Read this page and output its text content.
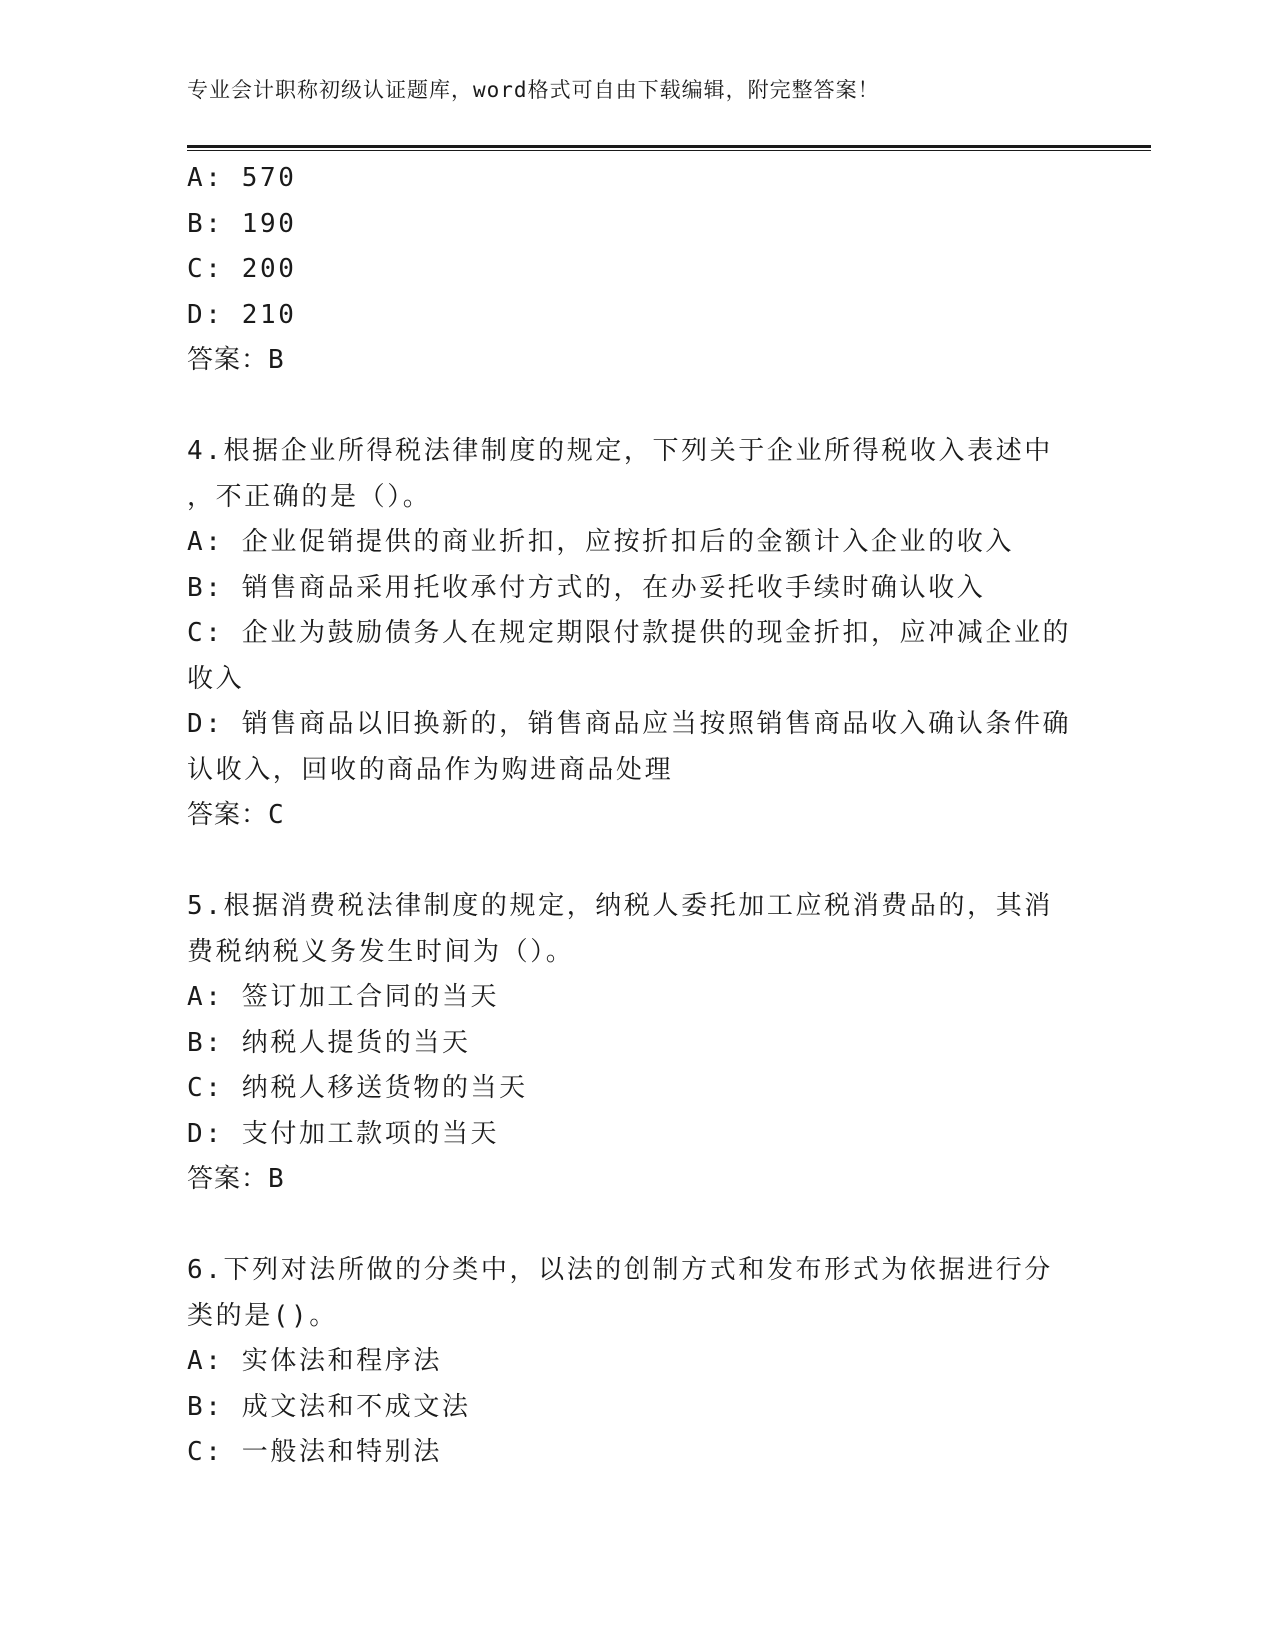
专业会计职称初级认证题库，word格式可自由下载编辑，附完整答案！
A: 570
B: 190
C: 200
D: 210
答案：B
4.根据企业所得税法律制度的规定，下列关于企业所得税收入表述中
，不正确的是（）。
A: 企业促销提供的商业折扣，应按折扣后的金额计入企业的收入
B: 销售商品采用托收承付方式的，在办妥托收手续时确认收入
C: 企业为鼓励债务人在规定期限付款提供的现金折扣，应冲减企业的
收入
D: 销售商品以旧换新的，销售商品应当按照销售商品收入确认条件确
认收入，回收的商品作为购进商品处理
答案：C
5.根据消费税法律制度的规定，纳税人委托加工应税消费品的，其消
费税纳税义务发生时间为（）。
A: 签订加工合同的当天
B: 纳税人提货的当天
C: 纳税人移送货物的当天
D: 支付加工款项的当天
答案：B
6.下列对法所做的分类中，以法的创制方式和发布形式为依据进行分
类的是()。
A: 实体法和程序法
B: 成文法和不成文法
C: 一般法和特别法
